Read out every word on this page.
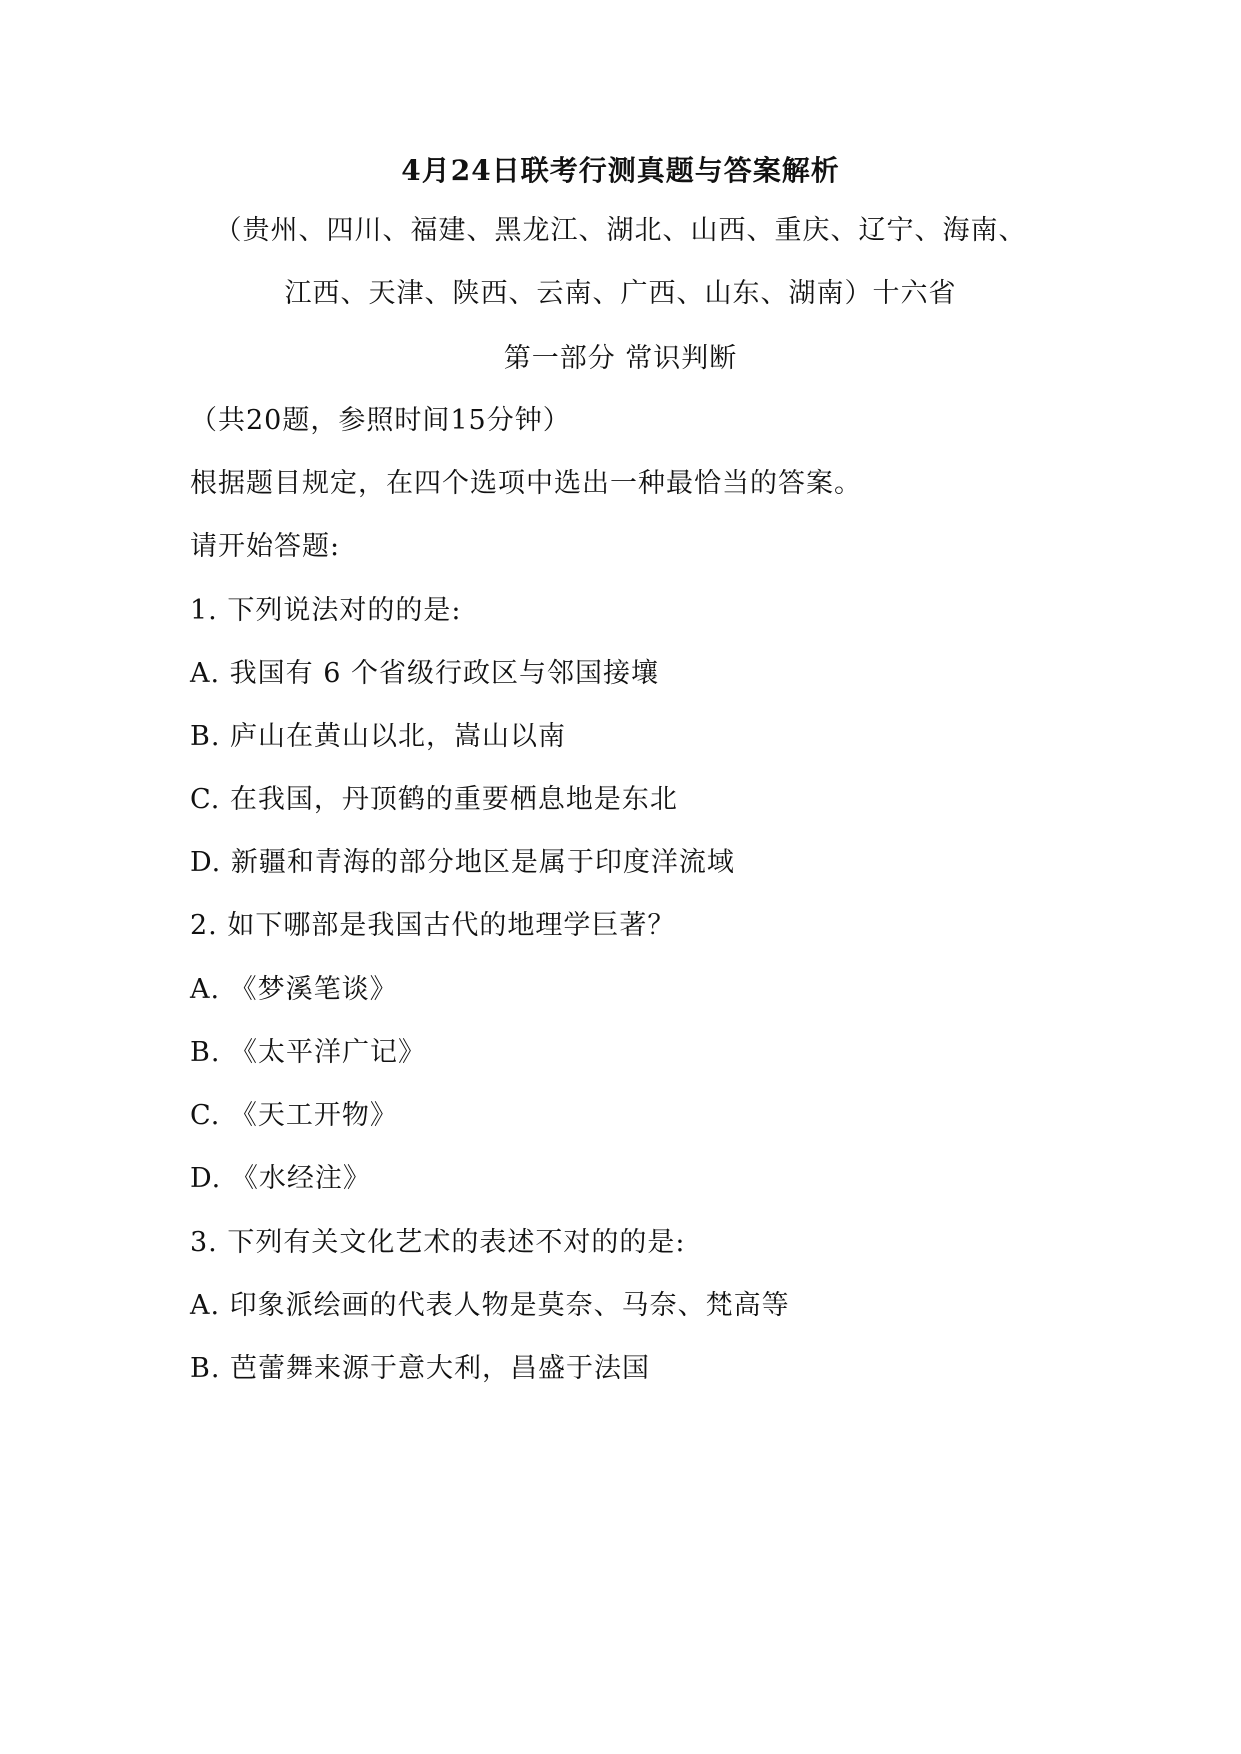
4月24日联考行测真题与答案解析
（贵州、四川、福建、黑龙江、湖北、山西、重庆、辽宁、海南、
江西、天津、陕西、云南、广西、山东、湖南）十六省
第一部分 常识判断
（共20题，参照时间15分钟）
根据题目规定，在四个选项中选出一种最恰当的答案。
请开始答题:
1. 下列说法对的的是:
A. 我国有 6 个省级行政区与邻国接壤
B. 庐山在黄山以北，嵩山以南
C. 在我国，丹顶鹤的重要栖息地是东北
D. 新疆和青海的部分地区是属于印度洋流域
2. 如下哪部是我国古代的地理学巨著？
A. 《梦溪笔谈》
B. 《太平洋广记》
C. 《天工开物》
D. 《水经注》
3. 下列有关文化艺术的表述不对的的是:
A. 印象派绘画的代表人物是莫奈、马奈、梵高等
B. 芭蕾舞来源于意大利，昌盛于法国
